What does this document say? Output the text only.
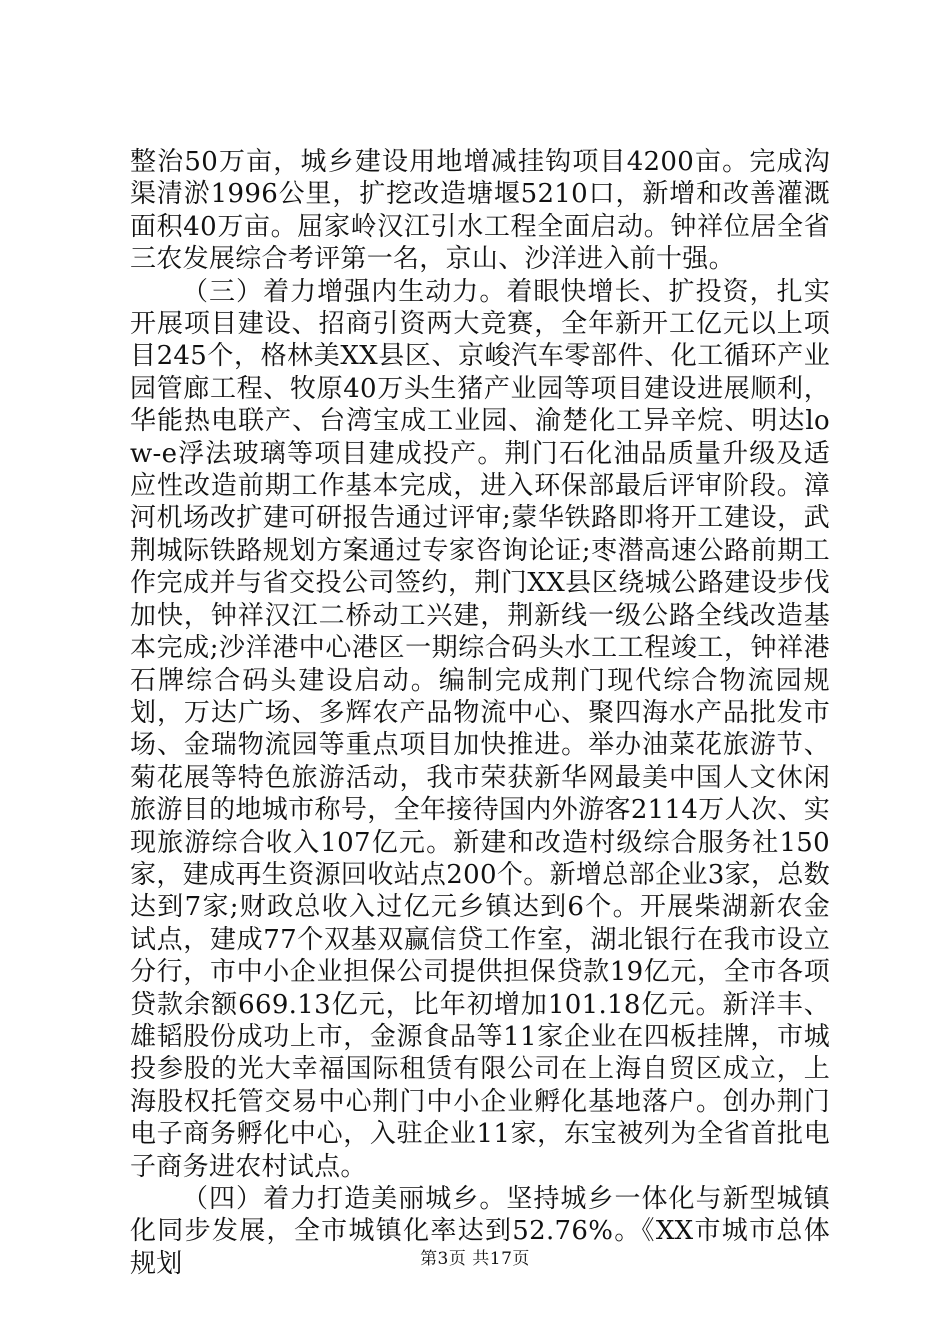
整治50万亩，城乡建设用地增减挂钩项目4200亩。完成沟渠清淤1996公里，扩挖改造塘堰5210口，新增和改善灌溉面积40万亩。屈家岭汉江引水工程全面启动。钟祥位居全省三农发展综合考评第一名，京山、沙洋进入前十强。

（三）着力增强内生动力。着眼快增长、扩投资，扎实开展项目建设、招商引资两大竞赛，全年新开工亿元以上项目245个，格林美XX县区、京峻汽车零部件、化工循环产业园管廊工程、牧原40万头生猪产业园等项目建设进展顺利，华能热电联产、台湾宝成工业园、渝楚化工异辛烷、明达low-e浮法玻璃等项目建成投产。荆门石化油品质量升级及适应性改造前期工作基本完成，进入环保部最后评审阶段。漳河机场改扩建可研报告通过评审;蒙华铁路即将开工建设，武荆城际铁路规划方案通过专家咨询论证;枣潜高速公路前期工作完成并与省交投公司签约，荆门XX县区绕城公路建设步伐加快，钟祥汉江二桥动工兴建，荆新线一级公路全线改造基本完成;沙洋港中心港区一期综合码头水工工程竣工，钟祥港石牌综合码头建设启动。编制完成荆门现代综合物流园规划，万达广场、多辉农产品物流中心、聚四海水产品批发市场、金瑞物流园等重点项目加快推进。举办油菜花旅游节、菊花展等特色旅游活动，我市荣获新华网最美中国人文休闲旅游目的地城市称号，全年接待国内外游客2114万人次、实现旅游综合收入107亿元。新建和改造村级综合服务社150家，建成再生资源回收站点200个。新增总部企业3家，总数达到7家;财政总收入过亿元乡镇达到6个。开展柴湖新农金试点，建成77个双基双赢信贷工作室，湖北银行在我市设立分行，市中小企业担保公司提供担保贷款19亿元，全市各项贷款余额669.13亿元，比年初增加101.18亿元。新洋丰、雄韬股份成功上市，金源食品等11家企业在四板挂牌，市城投参股的光大幸福国际租赁有限公司在上海自贸区成立，上海股权托管交易中心荆门中小企业孵化基地落户。创办荆门电子商务孵化中心，入驻企业11家，东宝被列为全省首批电子商务进农村试点。

（四）着力打造美丽城乡。坚持城乡一体化与新型城镇化同步发展，全市城镇化率达到52.76%。《XX市城市总体规划	第3页 共17页
